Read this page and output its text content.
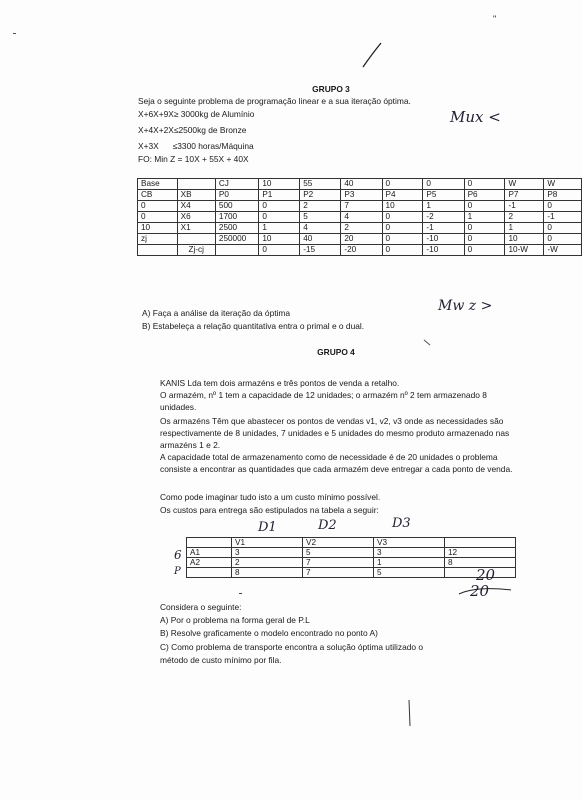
"
GRUPO 3
Seja o seguinte problema de programação linear e a sua iteração óptima.
X+6X+9X≥ 3000kg de Alumínio
X+4X+2X≤2500kg de Bronze
X+3X      ≤3300 horas/Máquina
FO: Min Z = 10X + 55X + 40X
Mux <
Base		CJ	10	55	40	0	0	0	W	W
CB	XB	P0	P1	P2	P3	P4	P5	P6	P7	P8
0	X4	500	0	2	7	10	1	0	-1	0
0	X6	1700	0	5	4	0	-2	1	2	-1
10	X1	2500	1	4	2	0	-1	0	1	0
zj		250000	10	40	20	0	-10	0	10	0
	Zj-cj		0	-15	-20	0	-10	0	10-W	-W
A) Faça a análise da iteração da óptima
B) Estabeleça a relação quantitativa entra o primal e o dual.
Mw z >
GRUPO 4
KANIS Lda tem dois armazéns e três pontos de venda a retalho.
O armazém, nº 1 tem a capacidade de 12 unidades; o armazém nº 2 tem armazenado 8 unidades.
Os armazéns Têm que abastecer os pontos de vendas v1, v2, v3 onde as necessidades são respectivamente de 8 unidades, 7 unidades e 5 unidades do mesmo produto armazenado nas armazéns 1 e 2.
A capacidade total de armazenamento como de necessidade é de 20 unidades o problema consiste a encontrar as quantidades que cada armazém deve entregar a cada ponto de venda.
Como pode imaginar tudo isto a um custo mínimo possível.
Os custos para entrega são estipulados na tabela a seguir:
D1	D2	D3
6
P
	V1	V2	V3	
A1	3	5	3	12
A2	2	7	1	8
	8	7	5		20
20
Considera o seguinte:
A) Por o problema na forma geral de P.L
B) Resolve graficamente o modelo encontrado no ponto A)
C) Como problema de transporte encontra a solução óptima utilizado o método de custo mínimo por fila.
